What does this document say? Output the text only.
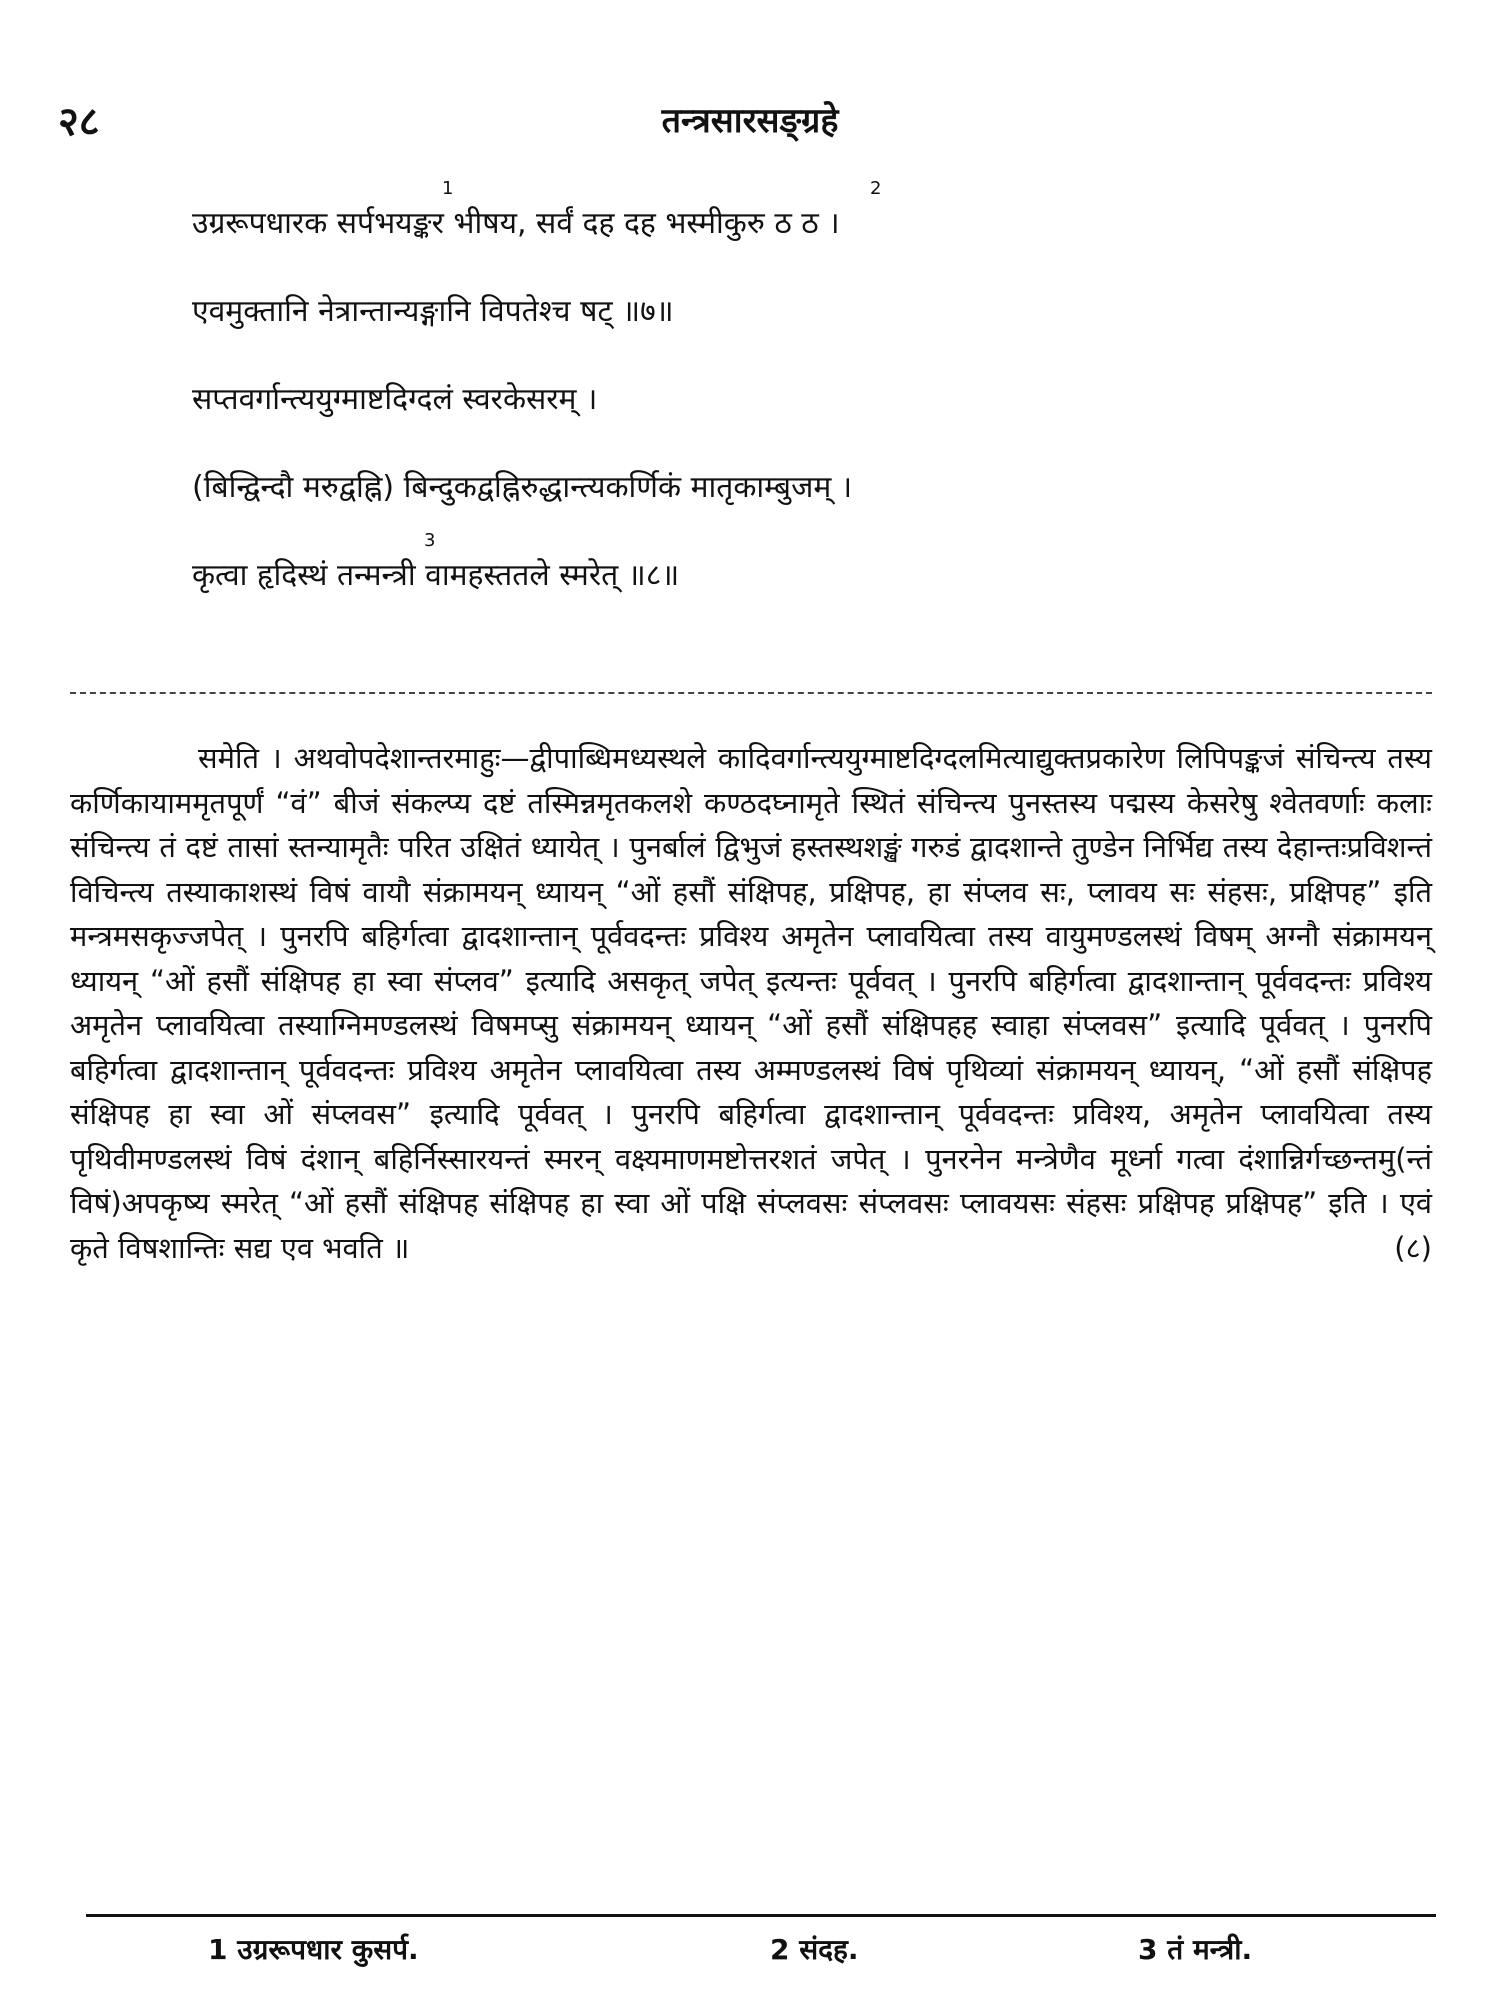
२८	तन्त्रसारसङ्ग्रहे
1	2
उग्ररूपधारक सर्पभयङ्कर भीषय, सर्वं दह दह भस्मीकुरु ठ ठ ।
एवमुक्तानि नेत्रान्तान्यङ्गानि विपतेश्च षट् ॥७॥
सप्तवर्गान्त्ययुग्माष्टदिग्दलं स्वरकेसरम् ।
(बिन्द्विन्दौ मरुद्वह्नि) बिन्दुकद्वह्निरुद्धान्त्यकर्णिकं मातृकाम्बुजम् ।
3
कृत्वा हृदिस्थं तन्मन्त्री वामहस्ततले स्मरेत् ॥८॥
समेति । अथवोपदेशान्तरमाहुः—द्वीपाब्धिमध्यस्थले कादिवर्गान्त्ययुग्माष्टदिग्दलमित्याद्युक्तप्रकारेण लिपिपङ्कजं संचिन्त्य तस्य कर्णिकायाममृतपूर्णं “वं” बीजं संकल्प्य दष्टं तस्मिन्नमृतकलशे कण्ठदघ्नामृते स्थितं संचिन्त्य पुनस्तस्य पद्मस्य केसरेषु श्वेतवर्णाः कलाः संचिन्त्य तं दष्टं तासां स्तन्यामृतैः परित उक्षितं ध्यायेत् । पुनर्बालं द्विभुजं हस्तस्थशङ्खं गरुडं द्वादशान्ते तुण्डेन निर्भिद्य तस्य देहान्तःप्रविशन्तं विचिन्त्य तस्याकाशस्थं विषं वायौ संक्रामयन् ध्यायन् “ओं हसौं संक्षिपह, प्रक्षिपह, हा संप्लव सः, प्लावय सः संहसः, प्रक्षिपह” इति मन्त्रमसकृज्जपेत् । पुनरपि बहिर्गत्वा द्वादशान्तान् पूर्ववदन्तः प्रविश्य अमृतेन प्लावयित्वा तस्य वायुमण्डलस्थं विषम् अग्नौ संक्रामयन् ध्यायन् “ओं हसौं संक्षिपह हा स्वा संप्लव” इत्यादि असकृत् जपेत् इत्यन्तः पूर्ववत् । पुनरपि बहिर्गत्वा द्वादशान्तान् पूर्ववदन्तः प्रविश्य अमृतेन प्लावयित्वा तस्याग्निमण्डलस्थं विषमप्सु संक्रामयन् ध्यायन् “ओं हसौं संक्षिपहह स्वाहा संप्लवस” इत्यादि पूर्ववत् । पुनरपि बहिर्गत्वा द्वादशान्तान् पूर्ववदन्तः प्रविश्य अमृतेन प्लावयित्वा तस्य अम्मण्डलस्थं विषं पृथिव्यां संक्रामयन् ध्यायन्, “ओं हसौं संक्षिपह संक्षिपह हा स्वा ओं संप्लवस” इत्यादि पूर्ववत् । पुनरपि बहिर्गत्वा द्वादशान्तान् पूर्ववदन्तः प्रविश्य, अमृतेन प्लावयित्वा तस्य पृथिवीमण्डलस्थं विषं दंशान् बहिर्निस्सारयन्तं स्मरन् वक्ष्यमाणमष्टोत्तरशतं जपेत् । पुनरनेन मन्त्रेणैव मूर्ध्ना गत्वा दंशान्निर्गच्छन्तमु(न्तं विषं)अपकृष्य स्मरेत् “ओं हसौं संक्षिपह संक्षिपह हा स्वा ओं पक्षि संप्लवसः संप्लवसः प्लावयसः संहसः प्रक्षिपह प्रक्षिपह” इति । एवं कृते विषशान्तिः सद्य एव भवति ॥	(८)
1 उग्ररूपधार कुसर्प.	2 संदह.	3 तं मन्त्री.
